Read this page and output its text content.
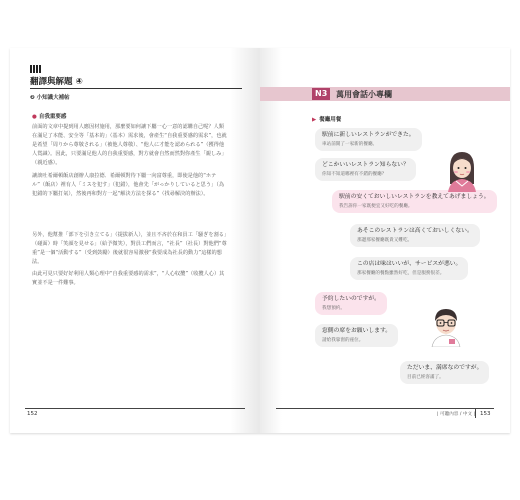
翻譯與解題 ④
❷ 小知識大補帖
● 自我重要感
前面的文章中提到用人應因材施用，那麼要如何讓下屬一心一意的認購自己呢？人類在滿足了本能、安全等「基本的」（基本）需求後，會產生“自我重要感的需求”，也就是希望「周りから尊敬される」（被他人尊敬）、“他人に才能を認められる”（獲得他人賞識）。因此，只要滿足他人的自我重要感，對方就會自然而然對你產生「親しみ」（親近感）。
讓談吐希爾頓飯店創辦人康拉德．希爾頓對待下屬一向富尊重，即使是他的“ホテル”（飯店）裡有人「ミスを犯す」（犯錯），他會先「がっかりしていると思う」（為犯錯的下屬打氣），然後再和對方一起“解決方法を探る”（找尋解決的辦法）。
另外，他幫推「部下を引き立てる」（提拔新人），並且不吝於在和員工「騒ぎを割る」（碰面）時「笑顔を見せる」（給予微笑），對員工們而言，“社長”（社長）對他們“尊重”是一個“活動する”（受到鼓勵）後就很容易激發“我要成為社長的動力”這樣的想法。
由此可見只要好好利用人類心理中“自我重要感的需求”，“人心収攬”（收攬人心）其實並不是一件難事。
152
N3	萬用會話小專欄
▶ 餐廳用餐
駅前に新しいレストランができた。
車站前開了一家新的餐廳。
どこかいいレストラン知らない？
你知不知道哪裡有不錯的餐廳？
駅前の安くておいしいレストランを教えてあげましょう。
我告訴你一家既便宜又好吃的餐廳。
あそこのレストランは高くておいしくない。
那邊那家餐廳既貴又難吃。
この店は味はいいが、サービスが悪い。
那家餐廳的餐點雖然好吃，但是服務很差。
予約したいのですが。
我想預約。
窓側の席をお願いします。
請給我靠窗的座位。
ただいま、満席なのですが。
目前已經客滿了。
| 可聽內容 / 中文 | 153
